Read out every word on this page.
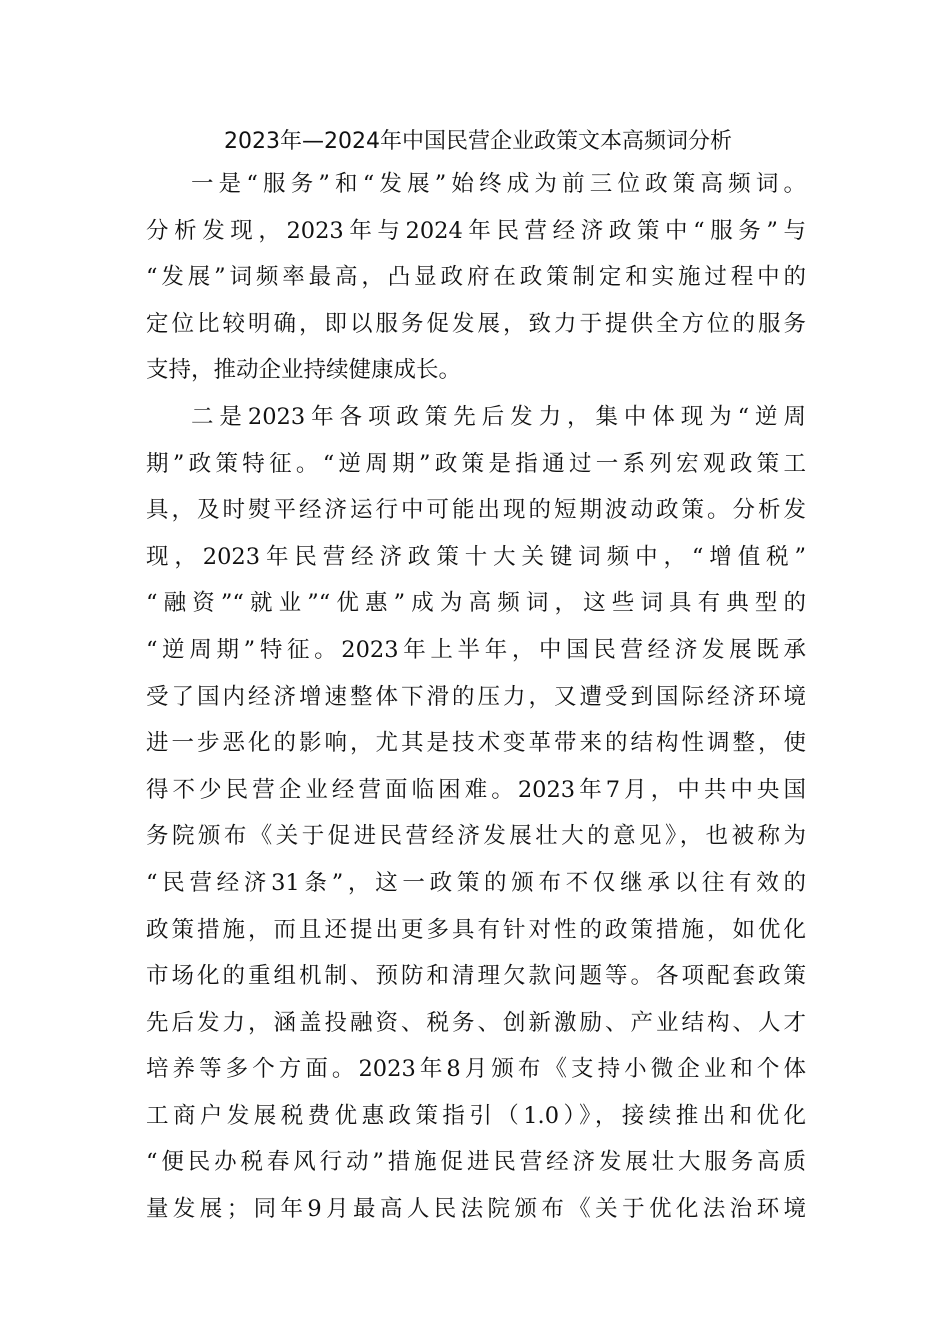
2023年—2024年中国民营企业政策文本高频词分析
一是“服务”和“发展”始终成为前三位政策高频词。
分析发现，2023年与2024年民营经济政策中“服务”与
“发展”词频率最高，凸显政府在政策制定和实施过程中的
定位比较明确，即以服务促发展，致力于提供全方位的服务
支持，推动企业持续健康成长。
二是2023年各项政策先后发力，集中体现为“逆周
期”政策特征。“逆周期”政策是指通过一系列宏观政策工
具，及时熨平经济运行中可能出现的短期波动政策。分析发
现，2023年民营经济政策十大关键词频中，“增值税”
“融资”“就业”“优惠”成为高频词，这些词具有典型的
“逆周期”特征。2023年上半年，中国民营经济发展既承
受了国内经济增速整体下滑的压力，又遭受到国际经济环境
进一步恶化的影响，尤其是技术变革带来的结构性调整，使
得不少民营企业经营面临困难。2023年7月，中共中央国
务院颁布《关于促进民营经济发展壮大的意见》，也被称为
“民营经济31条”，这一政策的颁布不仅继承以往有效的
政策措施，而且还提出更多具有针对性的政策措施，如优化
市场化的重组机制、预防和清理欠款问题等。各项配套政策
先后发力，涵盖投融资、税务、创新激励、产业结构、人才
培养等多个方面。2023年8月颁布《支持小微企业和个体
工商户发展税费优惠政策指引（1.0）》，接续推出和优化
“便民办税春风行动”措施促进民营经济发展壮大服务高质
量发展；同年9月最高人民法院颁布《关于优化法治环境
